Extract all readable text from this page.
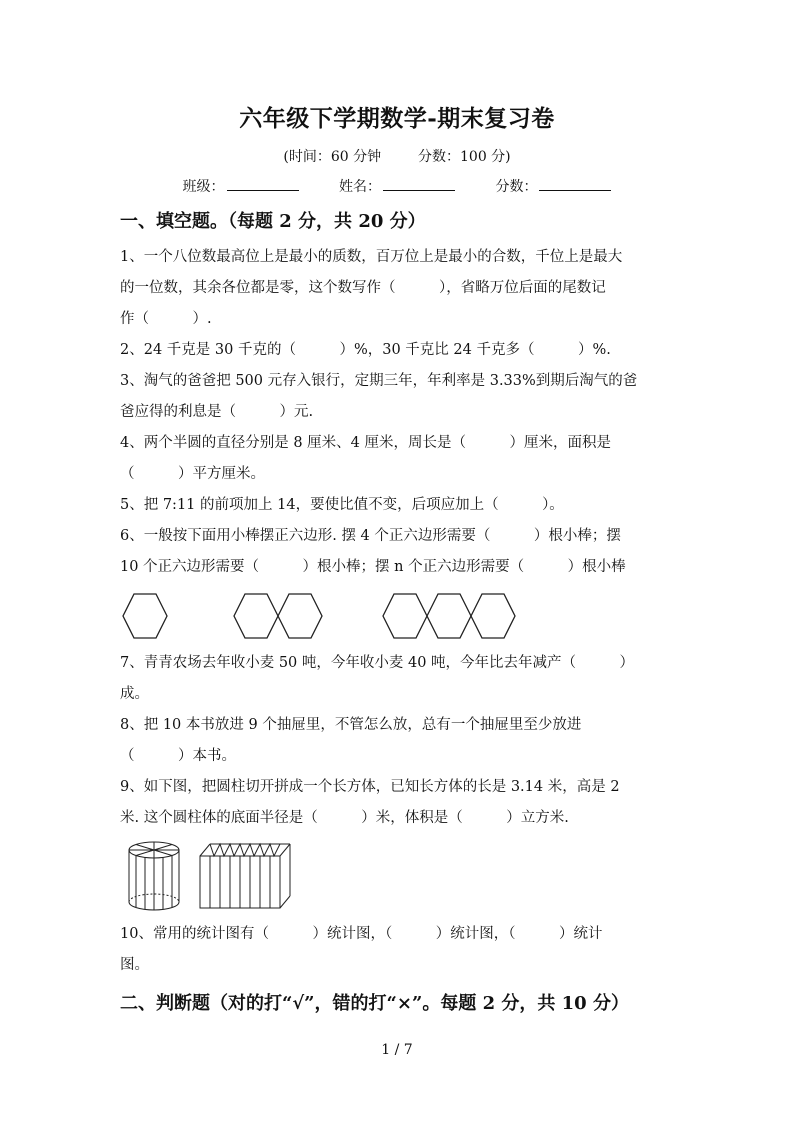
六年级下学期数学-期末复习卷
(时间：60 分钟	分数：100 分)
班级：	姓名：	分数：
一、填空题。（每题 2 分，共 20 分）
1、一个八位数最高位上是最小的质数，百万位上是最小的合数，千位上是最大
的一位数，其余各位都是零，这个数写作（　　　），省略万位后面的尾数记
作（　　　）.
2、24 千克是 30 千克的（　　　）%，30 千克比 24 千克多（　　　）%.
3、淘气的爸爸把 500 元存入银行，定期三年，年利率是 3.33%到期后淘气的爸
爸应得的利息是（　　　）元.
4、两个半圆的直径分别是 8 厘米、4 厘米，周长是（　　　）厘米，面积是
（　　　）平方厘米。
5、把 7:11 的前项加上 14，要使比值不变，后项应加上（　　　）。
6、一般按下面用小棒摆正六边形. 摆 4 个正六边形需要（　　　）根小棒；摆
10 个正六边形需要（　　　）根小棒；摆 n 个正六边形需要（　　　）根小棒
7、青青农场去年收小麦 50 吨，今年收小麦 40 吨，今年比去年减产（　　　）
成。
8、把 10 本书放进 9 个抽屉里，不管怎么放，总有一个抽屉里至少放进
（　　　）本书。
9、如下图，把圆柱切开拼成一个长方体，已知长方体的长是 3.14 米，高是 2
米. 这个圆柱体的底面半径是（　　　）米，体积是（　　　）立方米.
10、常用的统计图有（　　　）统计图，（　　　）统计图，（　　　）统计
图。
二、判断题（对的打“√”，错的打“×”。每题 2 分，共 10 分）
1 / 7
